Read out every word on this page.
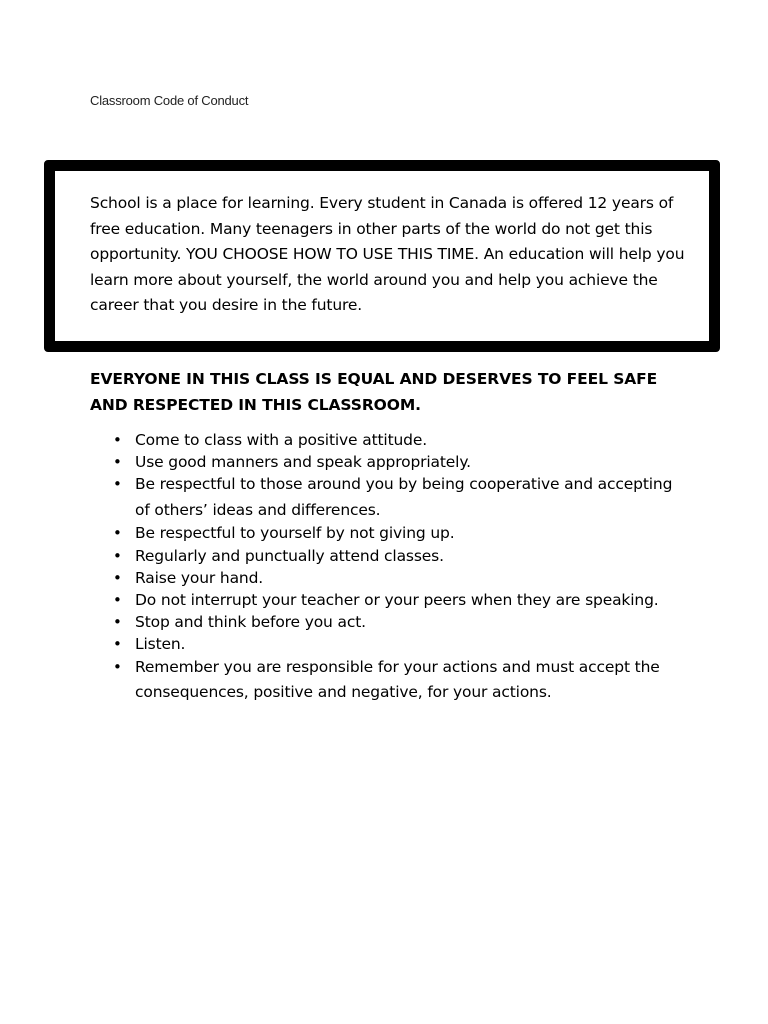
Classroom Code of Conduct

School is a place for learning. Every student in Canada is offered 12 years of free education. Many teenagers in other parts of the world do not get this opportunity. YOU CHOOSE HOW TO USE THIS TIME. An education will help you learn more about yourself, the world around you and help you achieve the career that you desire in the future.

EVERYONE IN THIS CLASS IS EQUAL AND DESERVES TO FEEL SAFE AND RESPECTED IN THIS CLASSROOM.

• Come to class with a positive attitude.
• Use good manners and speak appropriately.
• Be respectful to those around you by being cooperative and accepting of others’ ideas and differences.
• Be respectful to yourself by not giving up.
• Regularly and punctually attend classes.
• Raise your hand.
• Do not interrupt your teacher or your peers when they are speaking.
• Stop and think before you act.
• Listen.
• Remember you are responsible for your actions and must accept the consequences, positive and negative, for your actions.
